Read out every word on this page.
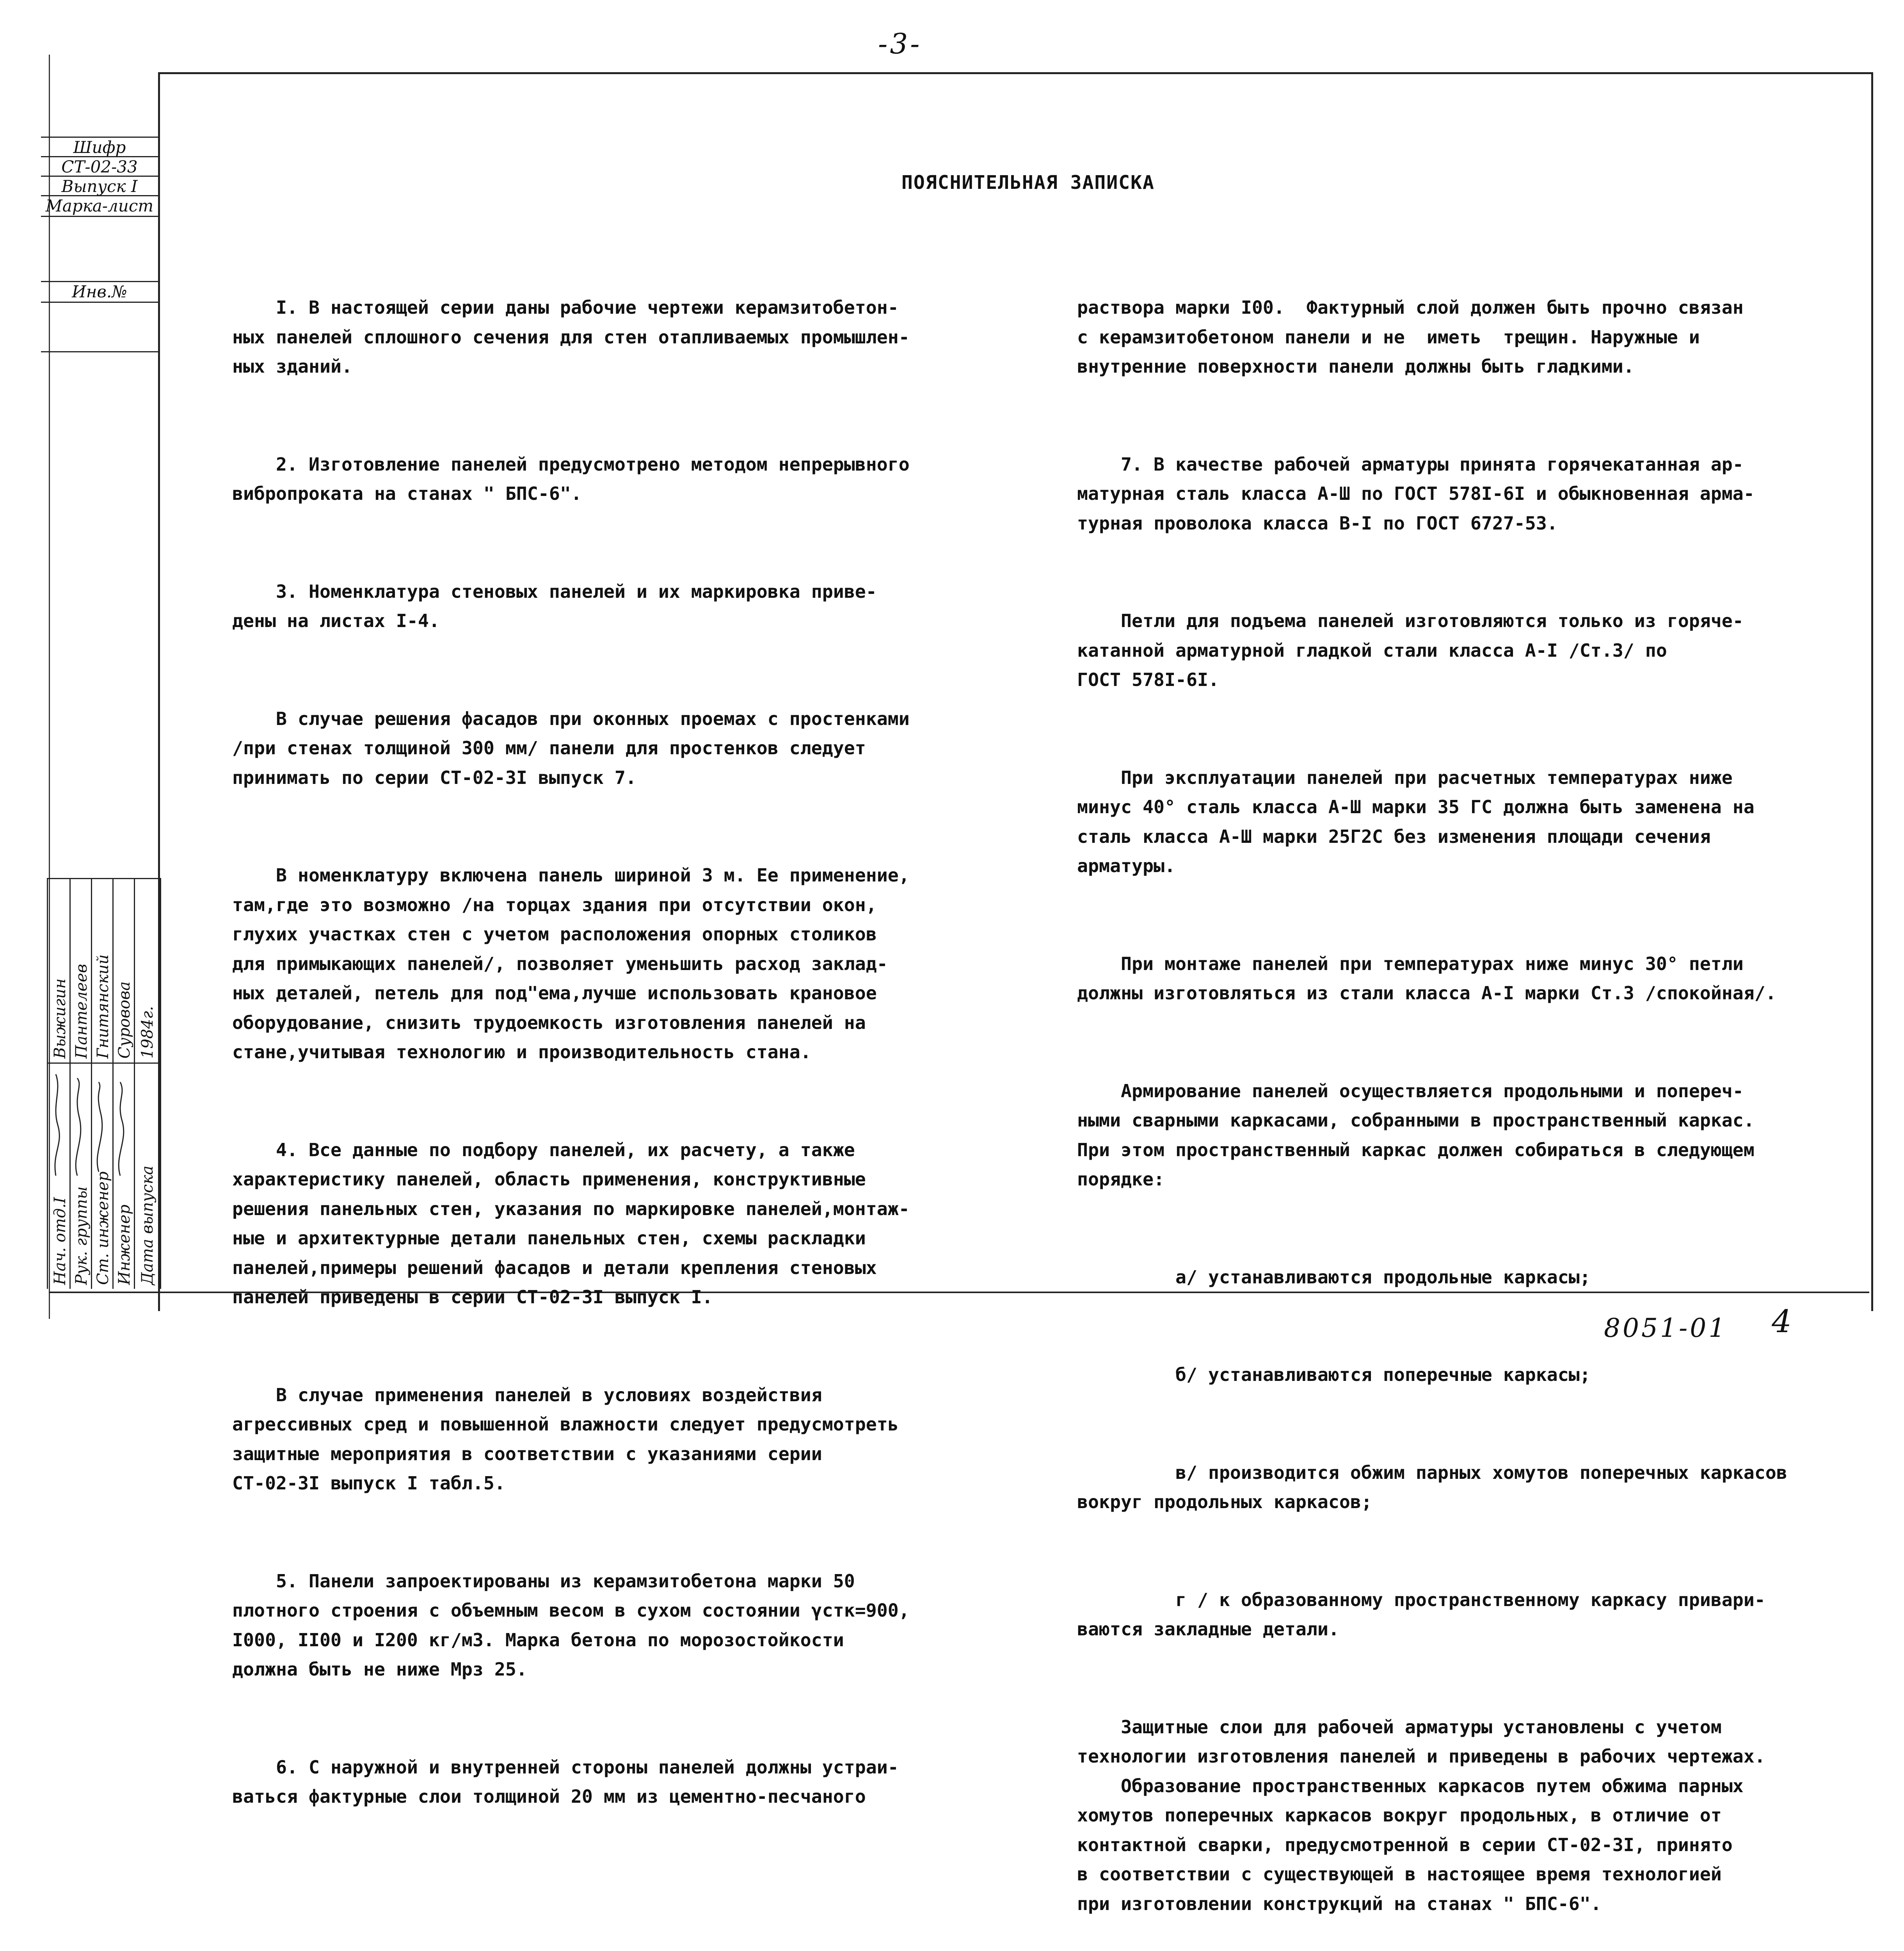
-3-
Шифр
СТ-02-33
Выпуск I
Марка-лист
Инв.№
ПОЯСНИТЕЛЬНАЯ ЗАПИСКА

I. В настоящей серии даны рабочие чертежи керамзитобетон-
ных панелей сплошного сечения для стен отапливаемых промышлен-
ных зданий.

2. Изготовление панелей предусмотрено методом непрерывного
вибропроката на станах " БПС-6".

3. Номенклатура стеновых панелей и их маркировка приве-
дены на листах I-4.

В случае решения фасадов при оконных проемах с простенками
/при стенах толщиной 300 мм/ панели для простенков следует
принимать по серии СТ-02-3I выпуск 7.

В номенклатуру включена панель шириной 3 м. Ее применение,
там,где это возможно /на торцах здания при отсутствии окон,
глухих участках стен с учетом расположения опорных столиков
для примыкающих панелей/, позволяет уменьшить расход заклад-
ных деталей, петель для под"ема,лучше использовать крановое
оборудование, снизить трудоемкость изготовления панелей на
стане,учитывая технологию и производительность стана.

4. Все данные по подбору панелей, их расчету, а также
характеристику панелей, область применения, конструктивные
решения панельных стен, указания по маркировке панелей,монтаж-
ные и архитектурные детали панельных стен, схемы раскладки
панелей,примеры решений фасадов и детали крепления стеновых
панелей приведены в серии СТ-02-3I выпуск I.

В случае применения панелей в условиях воздействия
агрессивных сред и повышенной влажности следует предусмотреть
защитные мероприятия в соответствии с указаниями серии
СТ-02-3I выпуск I табл.5.

5. Панели запроектированы из керамзитобетона марки 50
плотного строения с объемным весом в сухом состоянии γстк=900,
I000, II00 и I200 кг/м3. Марка бетона по морозостойкости
должна быть не ниже Мрз 25.

6. С наружной и внутренней стороны панелей должны устраи-
ваться фактурные слои толщиной 20 мм из цементно-песчаного

раствора марки I00.  Фактурный слой должен быть прочно связан
с керамзитобетоном панели и не  иметь  трещин. Наружные и
внутренние поверхности панели должны быть гладкими.

7. В качестве рабочей арматуры принята горячекатанная ар-
матурная сталь класса А-Ш по ГОСТ 578I-6I и обыкновенная арма-
турная проволока класса В-I по ГОСТ 6727-53.

Петли для подъема панелей изготовляются только из горяче-
катанной арматурной гладкой стали класса А-I /Ст.3/ по
ГОСТ 578I-6I.

При эксплуатации панелей при расчетных температурах ниже
минус 40° сталь класса А-Ш марки 35 ГС должна быть заменена на
сталь класса А-Ш марки 25Г2С без изменения площади сечения
арматуры.

При монтаже панелей при температурах ниже минус 30° петли
должны изготовляться из стали класса А-I марки Ст.3 /спокойная/.

Армирование панелей осуществляется продольными и попереч-
ными сварными каркасами, собранными в пространственный каркас.
При этом пространственный каркас должен собираться в следующем
порядке:

а/ устанавливаются продольные каркасы;

б/ устанавливаются поперечные каркасы;

в/ производится обжим парных хомутов поперечных каркасов
вокруг продольных каркасов;

г / к образованному пространственному каркасу привари-
ваются закладные детали.

Защитные слои для рабочей арматуры установлены с учетом
технологии изготовления панелей и приведены в рабочих чертежах.
Образование пространственных каркасов путем обжима парных
хомутов поперечных каркасов вокруг продольных, в отличие от
контактной сварки, предусмотренной в серии СТ-02-3I, принято
в соответствии с существующей в настоящее время технологией
при изготовлении конструкций на станах " БПС-6".

Нач. отд.I Рук. группы Ст. инженер Инженер Дата выпуска
Выжигин Пантелеев Гнитянский Суровова 1984г.
8051-01 4
